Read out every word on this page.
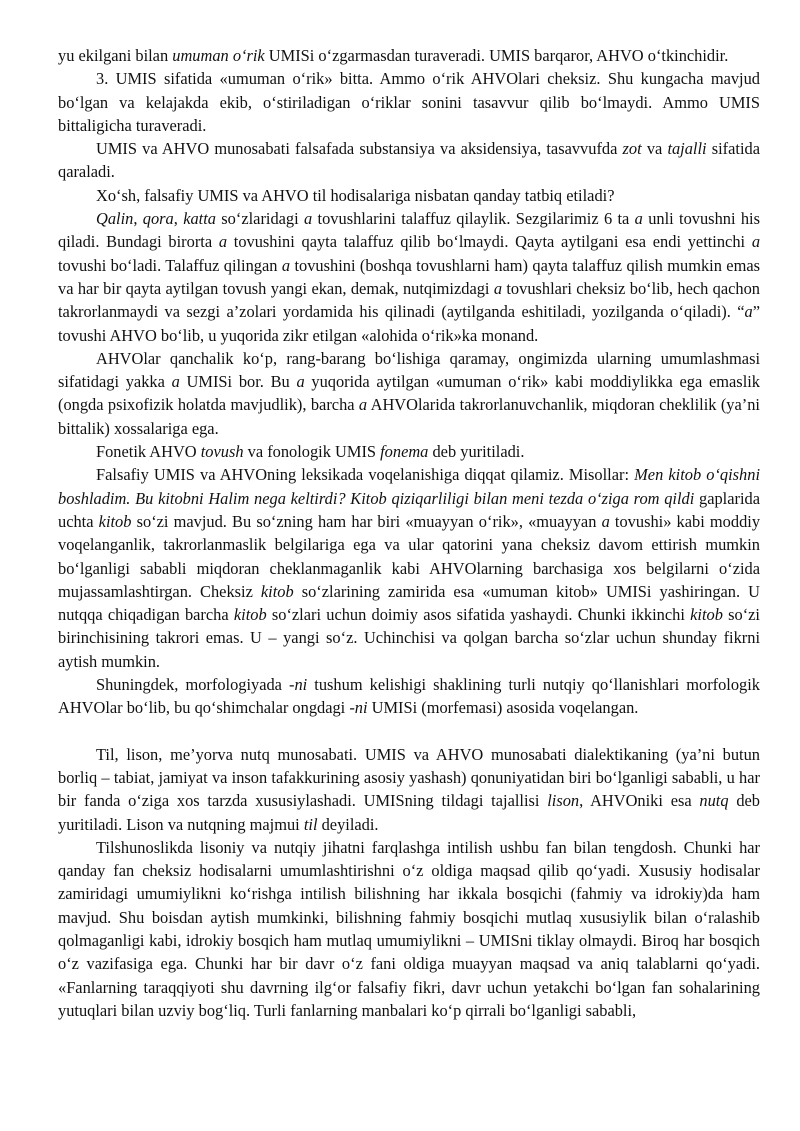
yu ekilgani bilan umuman oʻrik UMISi oʻzgarmasdan turaveradi. UMIS barqaror, AHVO oʻtkinchidir.

3. UMIS sifatida «umuman oʻrik» bitta. Ammo oʻrik AHVOlari cheksiz. Shu kungacha mavjud boʻlgan va kelajakda ekib, oʻstiriladigan oʻriklar sonini tasavvur qilib boʻlmaydi. Ammo UMIS bittaligicha turaveradi.

UMIS va AHVO munosabati falsafada substansiya va aksidensiya, tasavvufda zot va tajalli sifatida qaraladi.

Xoʻsh, falsafiy UMIS va AHVO til hodisalariga nisbatan qanday tatbiq etiladi?

Qalin, qora, katta soʻzlaridagi a tovushlarini talaffuz qilaylik. Sezgilarimiz 6 ta a unli tovushni his qiladi. Bundagi birorta a tovushini qayta talaffuz qilib boʻlmaydi. Qayta aytilgani esa endi yettinchi a tovushi boʻladi. Talaffuz qilingan a tovushini (boshqa tovushlarni ham) qayta talaffuz qilish mumkin emas va har bir qayta aytilgan tovush yangi ekan, demak, nutqimizdagi a tovushlari cheksiz boʻlib, hech qachon takrorlanmaydi va sezgi a’zolari yordamida his qilinadi (aytilganda eshitiladi, yozilganda oʻqiladi). “a” tovushi AHVO boʻlib, u yuqorida zikr etilgan «alohida oʻrik»ka monand.

AHVOlar qanchalik koʻp, rang-barang boʻlishiga qaramay, ongimizda ularning umumlashmasi sifatidagi yakka a UMISi bor. Bu a yuqorida aytilgan «umuman oʻrik» kabi moddiylikka ega emaslik (ongda psixofizik holatda mavjudlik), barcha a AHVOlarida takrorlanuvchanlik, miqdoran cheklilik (ya’ni bittalik) xossalariga ega.

Fonetik AHVO tovush va fonologik UMIS fonema deb yuritiladi.

Falsafiy UMIS va AHVOning leksikada voqelanishiga diqqat qilamiz. Misollar: Men kitob oʻqishni boshladim. Bu kitobni Halim nega keltirdi? Kitob qiziqarliligi bilan meni tezda oʻziga rom qildi gaplarida uchta kitob soʻzi mavjud. Bu soʻzning ham har biri «muayyan oʻrik», «muayyan a tovushi» kabi moddiy voqelanganlik, takrorlanmaslik belgilariga ega va ular qatorini yana cheksiz davom ettirish mumkin boʻlganligi sababli miqdoran cheklanmaganlik kabi AHVOlarning barchasiga xos belgilarni oʻzida mujassamlashtirgan. Cheksiz kitob soʻzlarining zamirida esa «umuman kitob» UMISi yashiringan. U nutqqa chiqadigan barcha kitob soʻzlari uchun doimiy asos sifatida yashaydi. Chunki ikkinchi kitob soʻzi birinchisining takrori emas. U – yangi soʻz. Uchinchisi va qolgan barcha soʻzlar uchun shunday fikrni aytish mumkin.

Shuningdek, morfologiyada -ni tushum kelishigi shaklining turli nutqiy qoʻllanishlari morfologik AHVOlar boʻlib, bu qoʻshimchalar ongdagi -ni UMISi (morfemasi) asosida voqelangan.

Til, lison, me’yorva nutq munosabati. UMIS va AHVO munosabati dialektikaning (ya’ni butun borliq – tabiat, jamiyat va inson tafakkurining asosiy yashash) qonuniyatidan biri boʻlganligi sababli, u har bir fanda oʻziga xos tarzda xususiylashadi. UMISning tildagi tajallisi lison, AHVOniki esa nutq deb yuritiladi. Lison va nutqning majmui til deyiladi.

Tilshunoslikda lisoniy va nutqiy jihatni farqlashga intilish ushbu fan bilan tengdosh. Chunki har qanday fan cheksiz hodisalarni umumlashtirishni oʻz oldiga maqsad qilib qoʻyadi. Xususiy hodisalar zamiridagi umumiylikni koʻrishga intilish bilishning har ikkala bosqichi (fahmiy va idrokiy)da ham mavjud. Shu boisdan aytish mumkinki, bilishning fahmiy bosqichi mutlaq xususiylik bilan oʻralashib qolmaganligi kabi, idrokiy bosqich ham mutlaq umumiylikni – UMISni tiklay olmaydi. Biroq har bosqich oʻz vazifasiga ega. Chunki har bir davr oʻz fani oldiga muayyan maqsad va aniq talablarni qoʻyadi. «Fanlarning taraqqiyoti shu davrning ilgʻor falsafiy fikri, davr uchun yetakchi boʻlgan fan sohalarining yutuqlari bilan uzviy bogʻliq. Turli fanlarning manbalari koʻp qirrali boʻlganligi sababli,
